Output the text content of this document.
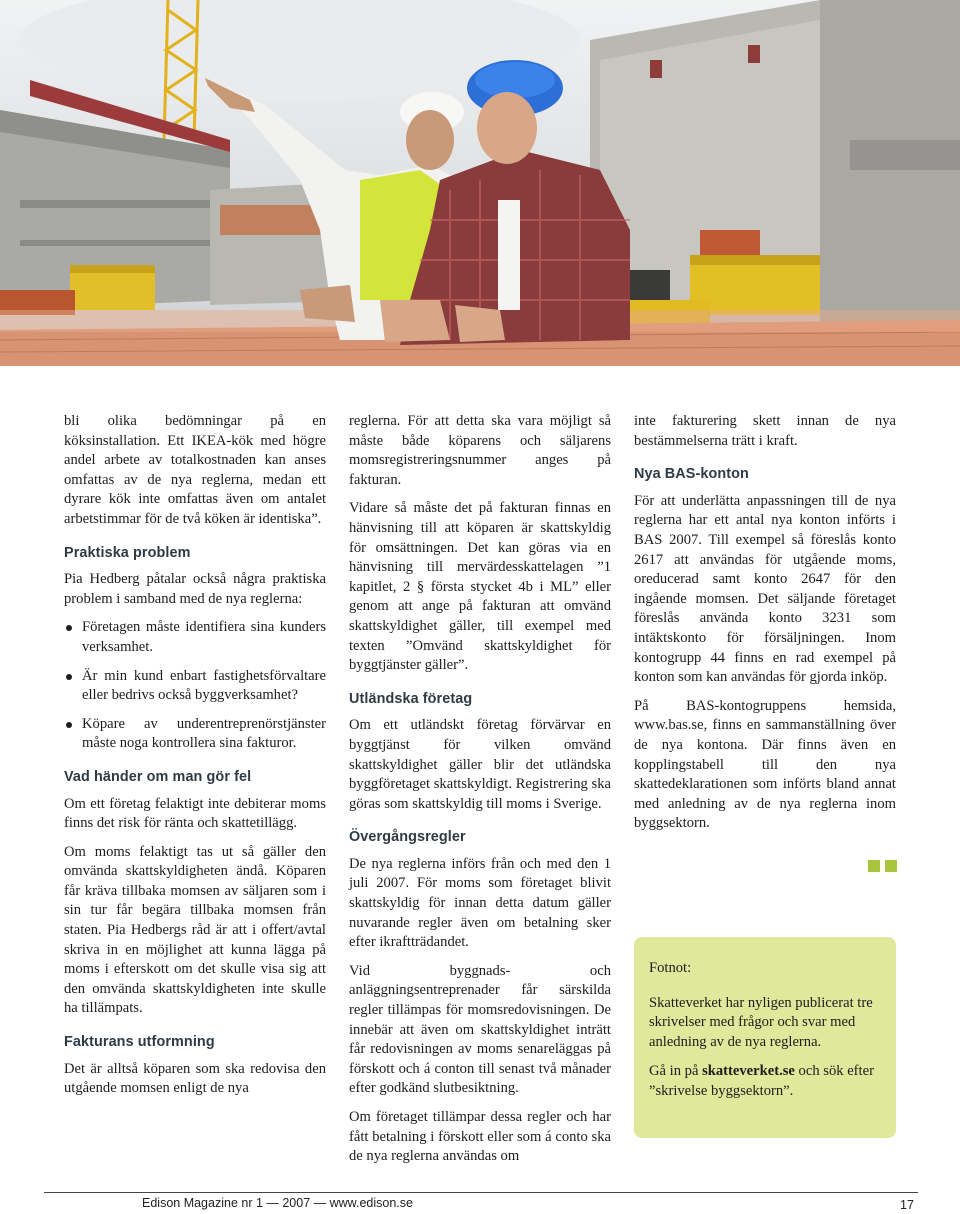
bli olika bedömningar på en köksinstallation. Ett IKEA-kök med högre andel arbete av totalkostnaden kan anses omfattas av de nya reglerna, medan ett dyrare kök inte omfattas även om antalet arbetstimmar för de två köken är identiska”.

Praktiska problem

Pia Hedberg påtalar också några praktiska problem i samband med de nya reglerna:

Företagen måste identifiera sina kunders verksamhet.
Är min kund enbart fastighetsförvaltare eller bedrivs också byggverksamhet?
Köpare av underentreprenörstjänster måste noga kontrollera sina fakturor.
Vad händer om man gör fel

Om ett företag felaktigt inte debiterar moms finns det risk för ränta och skattetillägg.

Om moms felaktigt tas ut så gäller den omvända skattskyldigheten ändå. Köparen får kräva tillbaka momsen av säljaren som i sin tur får begära tillbaka momsen från staten. Pia Hedbergs råd är att i offert/avtal skriva in en möjlighet att kunna lägga på moms i efterskott om det skulle visa sig att den omvända skattskyldigheten inte skulle ha tillämpats.

Fakturans utformning

Det är alltså köparen som ska redovisa den utgående momsen enligt de nya

reglerna. För att detta ska vara möjligt så måste både köparens och säljarens momsregistreringsnummer anges på fakturan.

Vidare så måste det på fakturan finnas en hänvisning till att köparen är skattskyldig för omsättningen. Det kan göras via en hänvisning till mervärdesskattelagen ”1 kapitlet, 2 § första stycket 4b i ML” eller genom att ange på fakturan att omvänd skattskyldighet gäller, till exempel med texten ”Omvänd skattskyldighet för byggtjänster gäller”.

Utländska företag

Om ett utländskt företag förvärvar en byggtjänst för vilken omvänd skattskyldighet gäller blir det utländska byggföretaget skattskyldigt. Registrering ska göras som skattskyldig till moms i Sverige.

Övergångsregler

De nya reglerna införs från och med den 1 juli 2007. För moms som företaget blivit skattskyldig för innan detta datum gäller nuvarande regler även om betalning sker efter ikraftträdandet.

Vid byggnads- och anläggningsentreprenader får särskilda regler tillämpas för momsredovisningen. De innebär att även om skattskyldighet inträtt får redovisningen av moms senareläggas på förskott och á conton till senast två månader efter godkänd slutbesiktning.

Om företaget tillämpar dessa regler och har fått betalning i förskott eller som á conto ska de nya reglerna användas om

inte fakturering skett innan de nya bestämmelserna trätt i kraft.

Nya BAS-konton

För att underlätta anpassningen till de nya reglerna har ett antal nya konton införts i BAS 2007. Till exempel så föreslås konto 2617 att användas för utgående moms, oreducerad samt konto 2647 för den ingående momsen. Det säljande företaget föreslås använda konto 3231 som intäktskonto för försäljningen. Inom kontogrupp 44 finns en rad exempel på konton som kan användas för gjorda inköp.

På BAS-kontogruppens hemsida, www.bas.se, finns en sammanställning över de nya kontona. Där finns även en kopplingstabell till den nya skattedeklarationen som införts bland annat med anledning av de nya reglerna inom byggsektorn.

Fotnot:

Skatteverket har nyligen publicerat tre skrivelser med frågor och svar med anledning av de nya reglerna.

Gå in på skatteverket.se och sök efter ”skrivelse byggsektorn”.

Edison Magazine nr 1 — 2007 — www.edison.se	17
